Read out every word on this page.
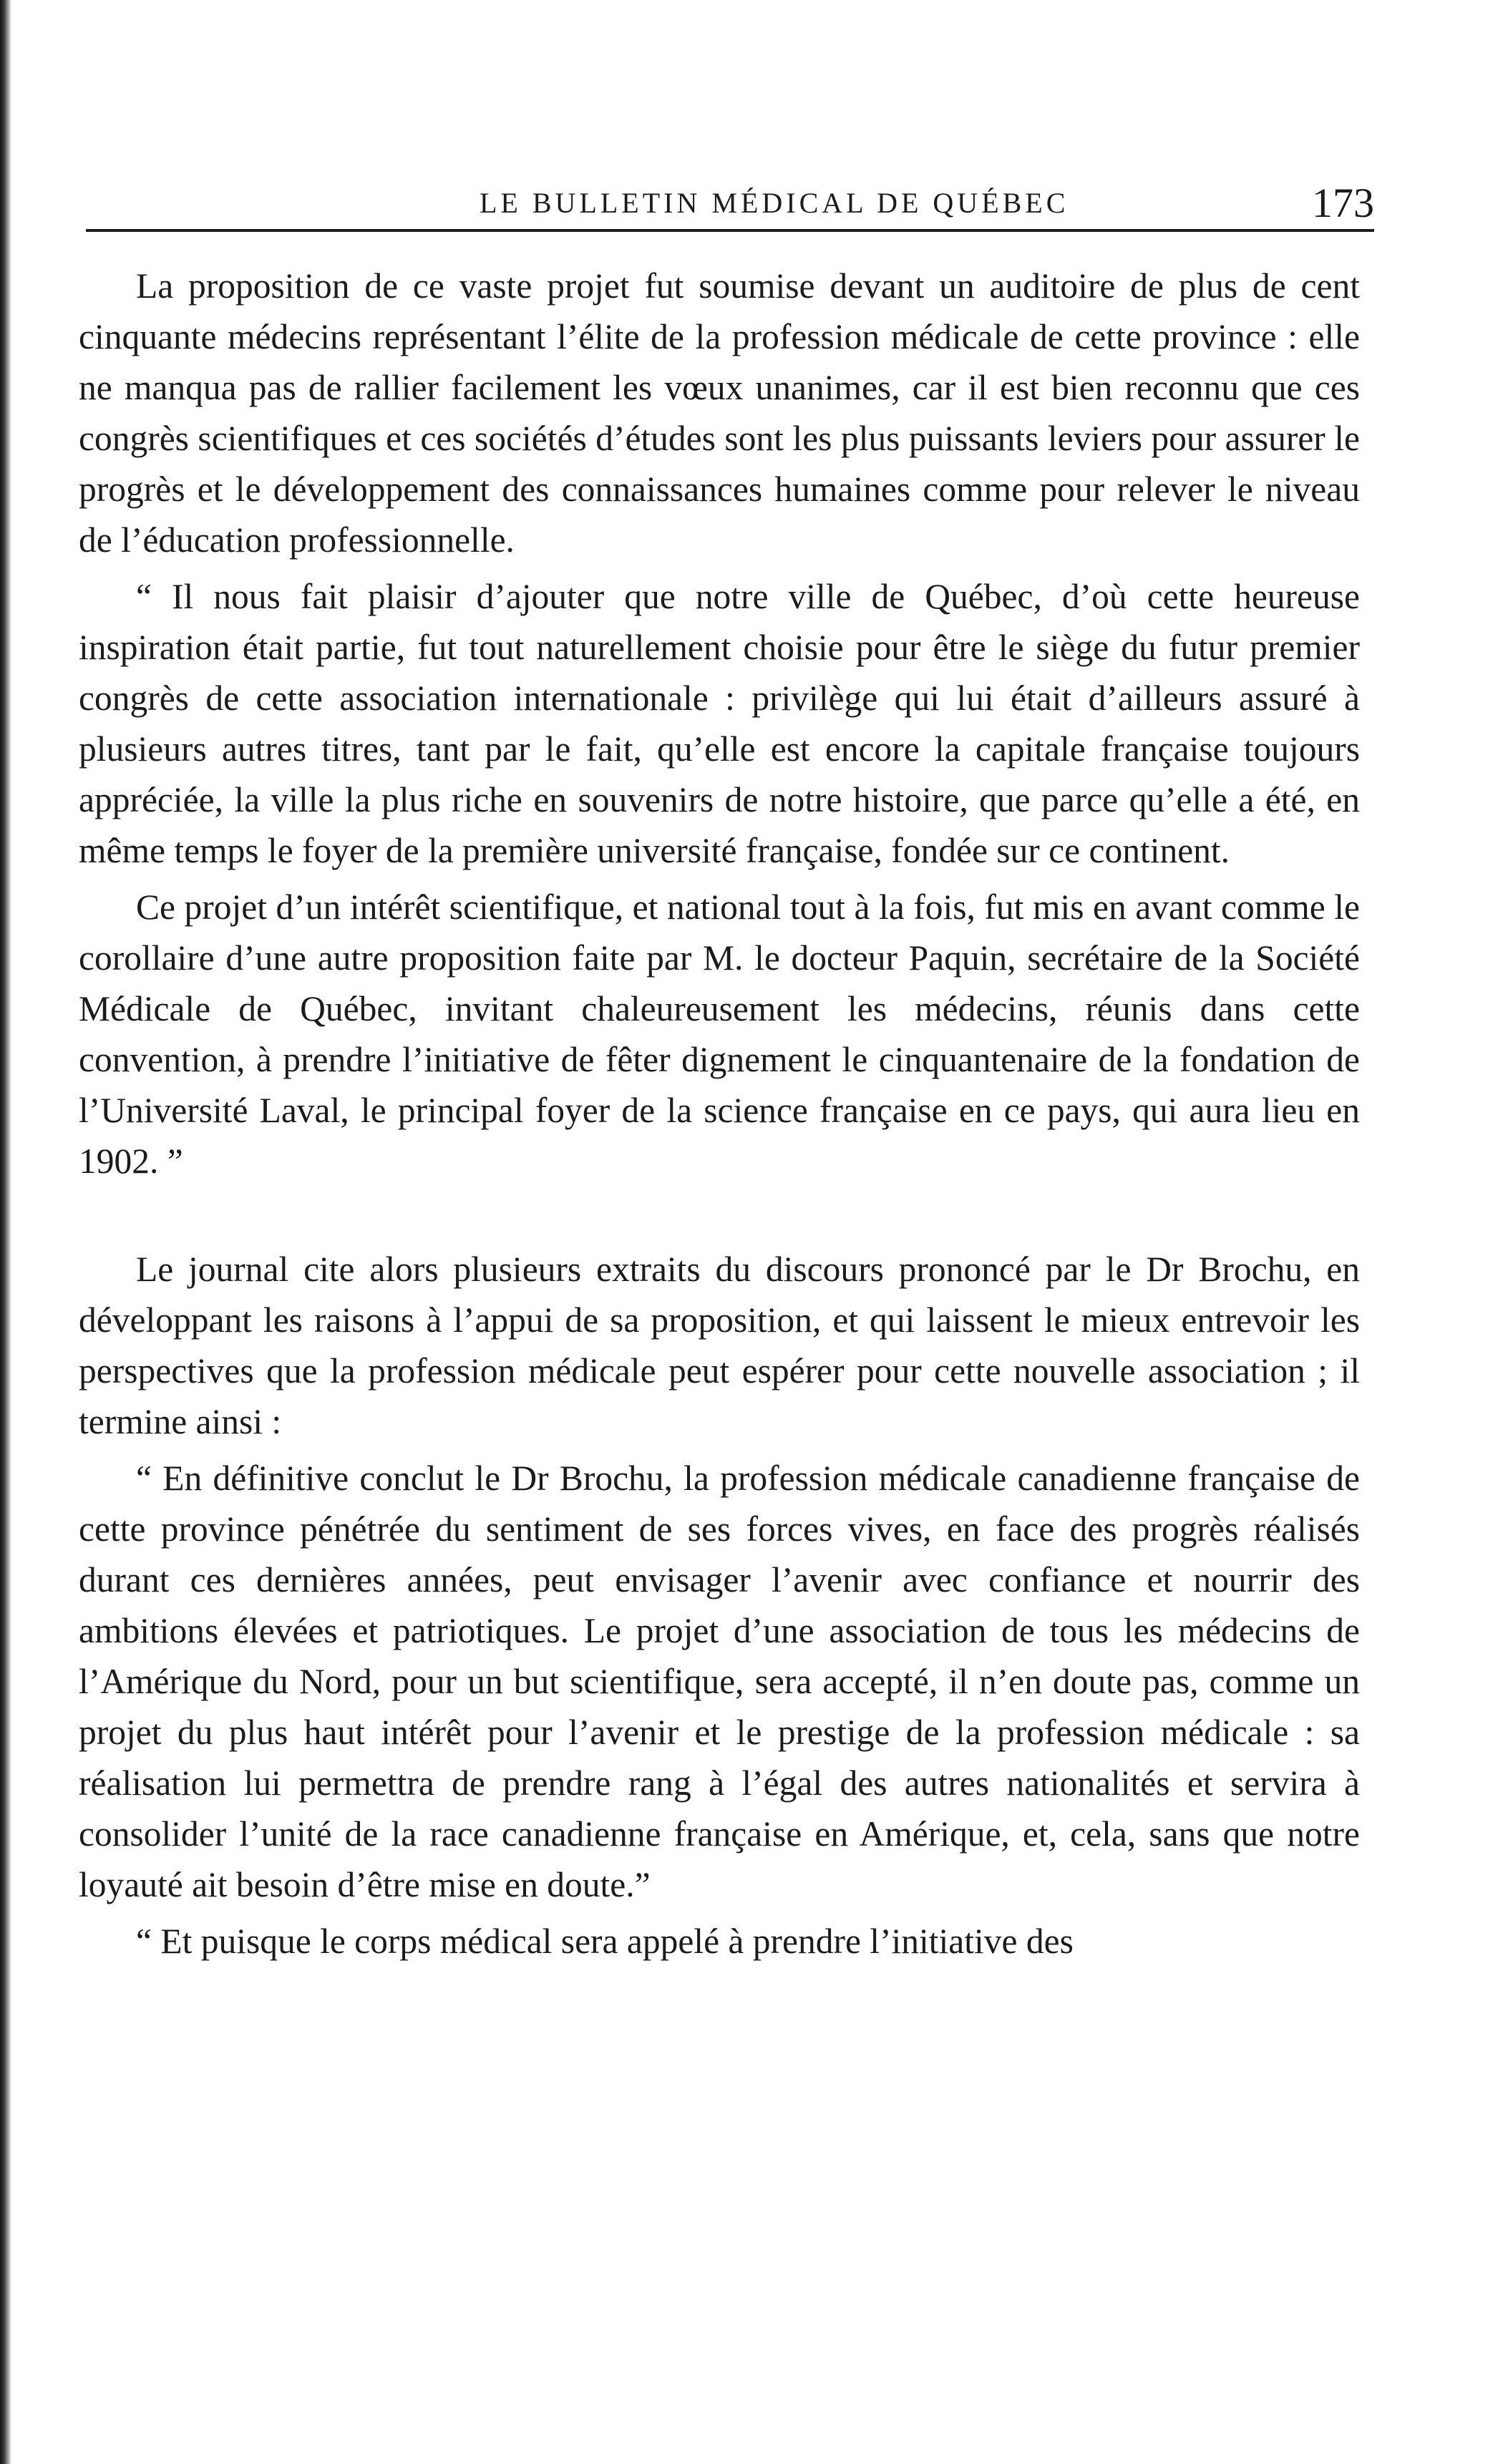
LE BULLETIN MÉDICAL DE QUÉBEC	173

La proposition de ce vaste projet fut soumise devant un auditoire de plus de cent cinquante médecins représentant l’élite de la profession médicale de cette province : elle ne manqua pas de rallier facilement les vœux unanimes, car il est bien reconnu que ces congrès scientifiques et ces sociétés d’études sont les plus puissants leviers pour assurer le progrès et le développement des connaissances humaines comme pour relever le niveau de l’éducation professionnelle.

“ Il nous fait plaisir d’ajouter que notre ville de Québec, d’où cette heureuse inspiration était partie, fut tout naturellement choisie pour être le siège du futur premier congrès de cette association internationale : privilège qui lui était d’ailleurs assuré à plusieurs autres titres, tant par le fait, qu’elle est encore la capitale française toujours appréciée, la ville la plus riche en souvenirs de notre histoire, que parce qu’elle a été, en même temps le foyer de la première université française, fondée sur ce continent.

Ce projet d’un intérêt scientifique, et national tout à la fois, fut mis en avant comme le corollaire d’une autre proposition faite par M. le docteur Paquin, secrétaire de la Société Médicale de Québec, invitant chaleureusement les médecins, réunis dans cette convention, à prendre l’initiative de fêter dignement le cinquantenaire de la fondation de l’Université Laval, le principal foyer de la science française en ce pays, qui aura lieu en 1902. ”

Le journal cite alors plusieurs extraits du discours prononcé par le Dr Brochu, en développant les raisons à l’appui de sa proposition, et qui laissent le mieux entrevoir les perspectives que la profession médicale peut espérer pour cette nouvelle association ; il termine ainsi :

“ En définitive conclut le Dr Brochu, la profession médicale canadienne française de cette province pénétrée du sentiment de ses forces vives, en face des progrès réalisés durant ces dernières années, peut envisager l’avenir avec confiance et nourrir des ambitions élevées et patriotiques. Le projet d’une association de tous les médecins de l’Amérique du Nord, pour un but scientifique, sera accepté, il n’en doute pas, comme un projet du plus haut intérêt pour l’avenir et le prestige de la profession médicale : sa réalisation lui permettra de prendre rang à l’égal des autres nationalités et servira à consolider l’unité de la race canadienne française en Amérique, et, cela, sans que notre loyauté ait besoin d’être mise en doute.”

“ Et puisque le corps médical sera appelé à prendre l’initiative des
